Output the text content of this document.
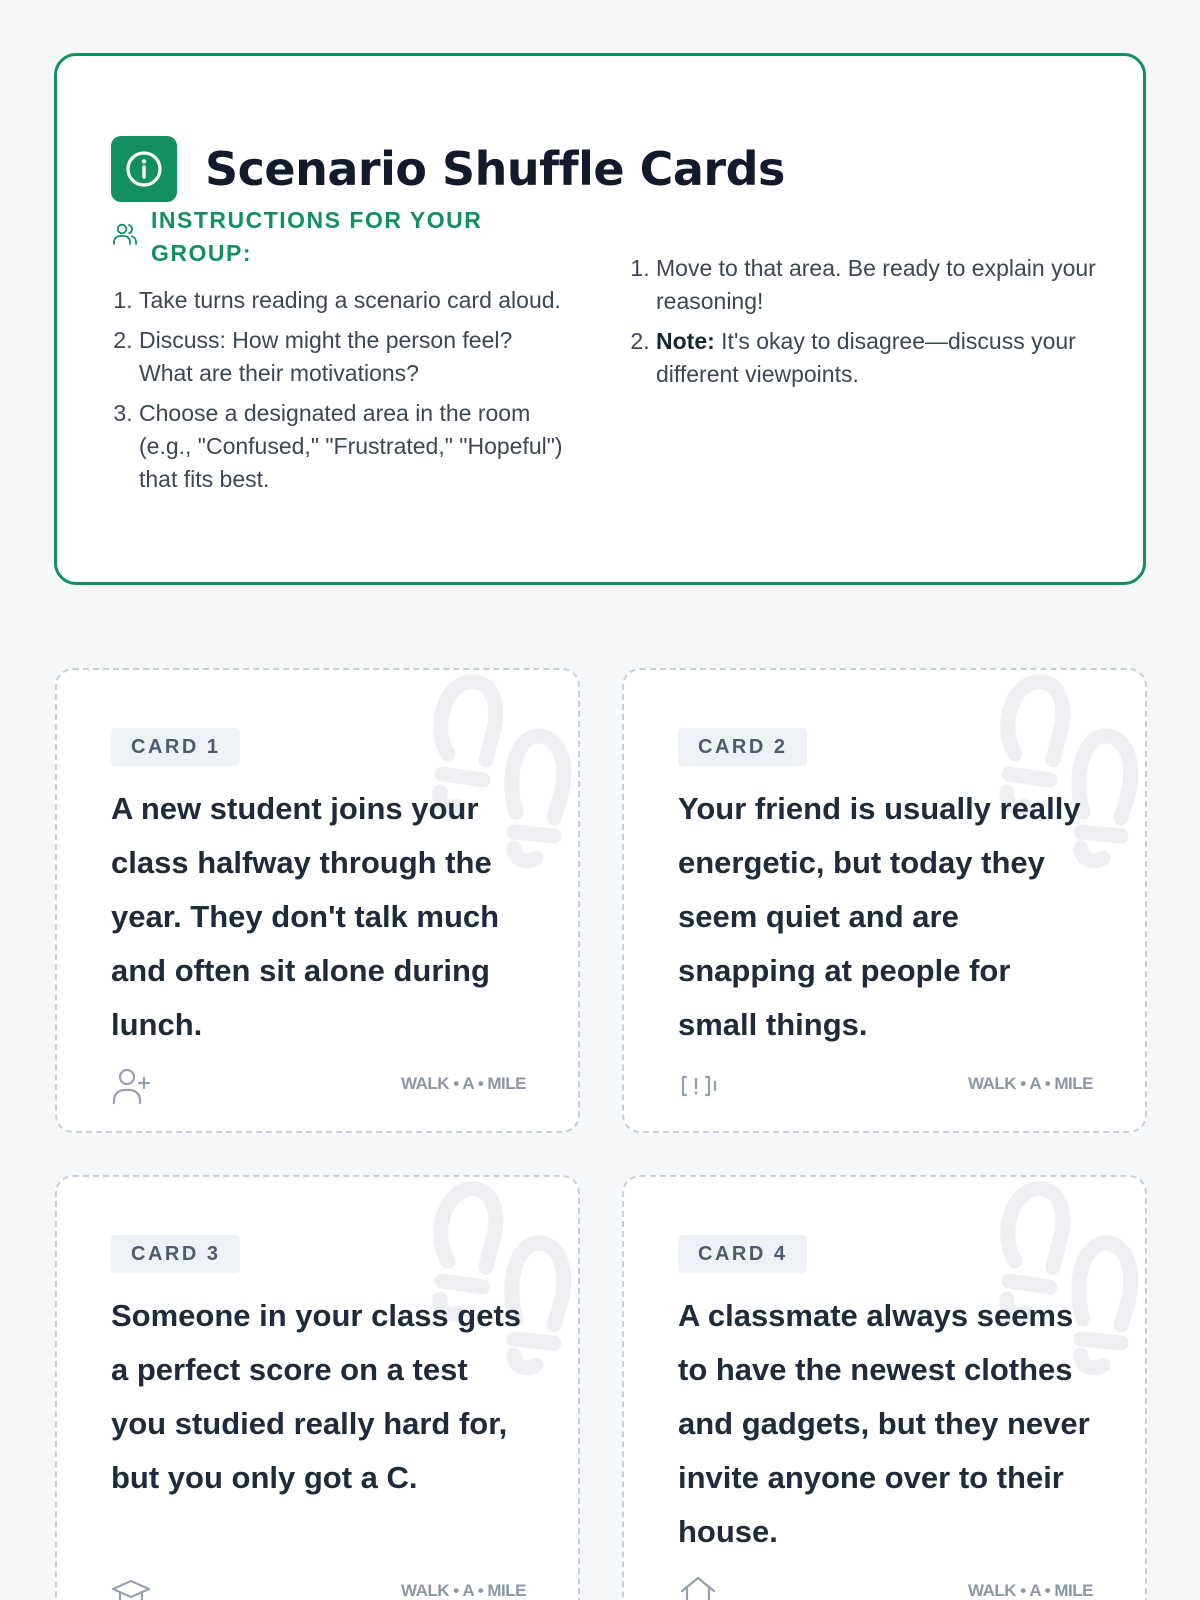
Scenario Shuffle Cards
INSTRUCTIONS FOR YOUR GROUP:
1. Take turns reading a scenario card aloud.
2. Discuss: How might the person feel? What are their motivations?
3. Choose a designated area in the room (e.g., "Confused," "Frustrated," "Hopeful") that fits best.
1. Move to that area. Be ready to explain your reasoning!
2. Note: It's okay to disagree—discuss your different viewpoints.
CARD 1

A new student joins your class halfway through the year. They don't talk much and often sit alone during lunch.

WALK • A • MILE
CARD 2

Your friend is usually really energetic, but today they seem quiet and are snapping at people for small things.

WALK • A • MILE
CARD 3

Someone in your class gets a perfect score on a test you studied really hard for, but you only got a C.

WALK • A • MILE
CARD 4

A classmate always seems to have the newest clothes and gadgets, but they never invite anyone over to their house.

WALK • A • MILE
